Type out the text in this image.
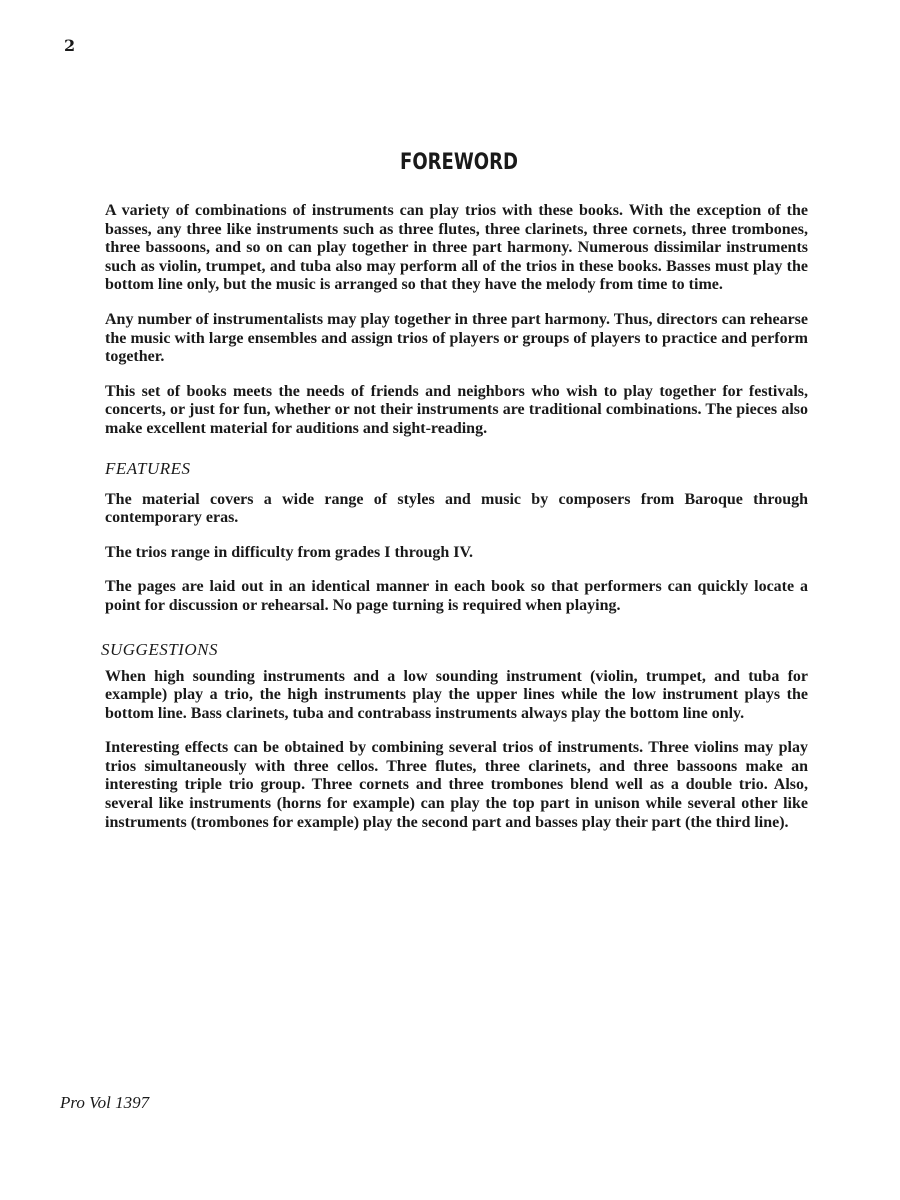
2
FOREWORD

A variety of combinations of instruments can play trios with these books. With the exception of the basses, any three like instruments such as three flutes, three clarinets, three cornets, three trombones, three bassoons, and so on can play together in three part harmony. Numerous dissimilar instruments such as violin, trumpet, and tuba also may perform all of the trios in these books. Basses must play the bottom line only, but the music is arranged so that they have the melody from time to time.

Any number of instrumentalists may play together in three part harmony. Thus, directors can rehearse the music with large ensembles and assign trios of players or groups of players to practice and perform together.

This set of books meets the needs of friends and neighbors who wish to play together for festivals, concerts, or just for fun, whether or not their instruments are traditional combinations. The pieces also make excellent material for auditions and sight-reading.

FEATURES

The material covers a wide range of styles and music by composers from Baroque through contemporary eras.

The trios range in difficulty from grades I through IV.

The pages are laid out in an identical manner in each book so that performers can quickly locate a point for discussion or rehearsal. No page turning is required when playing.

SUGGESTIONS

When high sounding instruments and a low sounding instrument (violin, trumpet, and tuba for example) play a trio, the high instruments play the upper lines while the low instrument plays the bottom line. Bass clarinets, tuba and contrabass instruments always play the bottom line only.

Interesting effects can be obtained by combining several trios of instruments. Three violins may play trios simultaneously with three cellos. Three flutes, three clarinets, and three bassoons make an interesting triple trio group. Three cornets and three trombones blend well as a double trio. Also, several like instruments (horns for example) can play the top part in unison while several other like instruments (trombones for example) play the second part and basses play their part (the third line).

Pro Vol 1397
